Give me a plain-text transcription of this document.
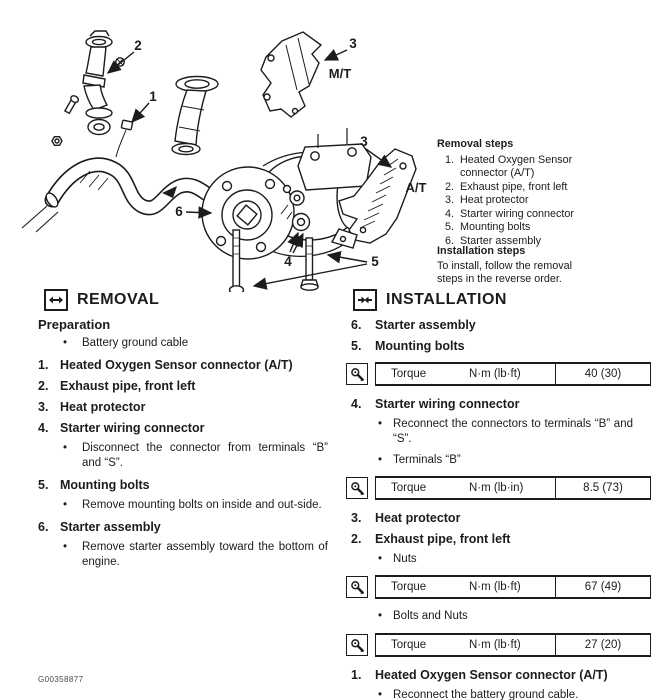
2
1
3
3
6
4	5
M/T
A/T
Removal steps
1. Heated Oxygen Sensor connector (A/T)
2. Exhaust pipe, front left
3. Heat protector
4. Starter wiring connector
5. Mounting bolts
6. Starter assembly
Installation steps
To install, follow the removal steps in the reverse order.
REMOVAL
Preparation
•	Battery ground cable
1. Heated Oxygen Sensor connector (A/T)
2. Exhaust pipe, front left
3. Heat protector
4. Starter wiring connector
•	Disconnect the connector from terminals “B” and “S”.
5. Mounting bolts
•	Remove mounting bolts on inside and out-side.
6. Starter assembly
•	Remove starter assembly toward the bottom of engine.
INSTALLATION
6.	Starter assembly
5.	Mounting bolts
Torque	N·m (lb·ft)	40 (30)
4.	Starter wiring connector
• Reconnect the connectors to terminals “B” and “S”.
• Terminals “B”
Torque	N·m (lb·in)	8.5 (73)
3.	Heat protector
2.	Exhaust pipe, front left
• Nuts
Torque	N·m (lb·ft)	67 (49)
• Bolts and Nuts
Torque	N·m (lb·ft)	27 (20)
1.	Heated Oxygen Sensor connector (A/T)
• Reconnect the battery ground cable.
G00358877
